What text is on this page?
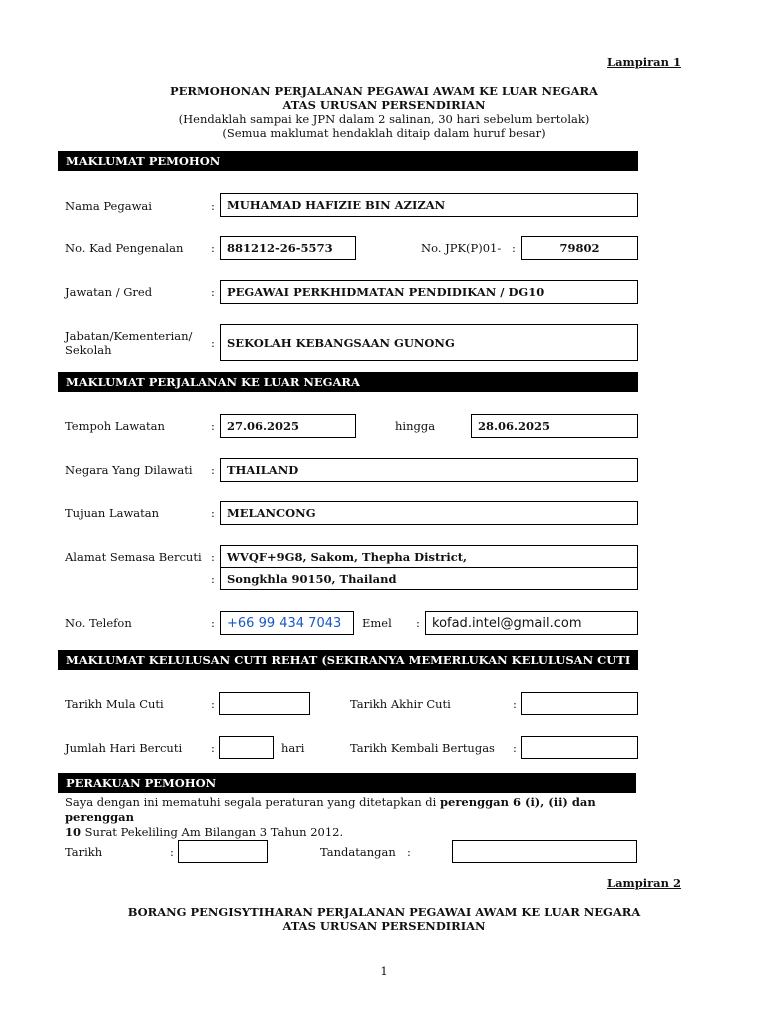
Lampiran 1
PERMOHONAN PERJALANAN PEGAWAI AWAM KE LUAR NEGARA
ATAS URUSAN PERSENDIRIAN
(Hendaklah sampai ke JPN dalam 2 salinan, 30 hari sebelum bertolak)
(Semua maklumat hendaklah ditaip dalam huruf besar)
MAKLUMAT PEMOHON
Nama Pegawai	: MUHAMAD HAFIZIE BIN AZIZAN
No. Kad Pengenalan : 881212-26-5573	No. JPK(P)01- :	79802
Jawatan / Gred	: PEGAWAI PERKHIDMATAN PENDIDIKAN / DG10
Jabatan/Kementerian/
Sekolah	: SEKOLAH KEBANGSAAN GUNONG
MAKLUMAT PERJALANAN KE LUAR NEGARA
Tempoh Lawatan	: 27.06.2025	hingga	28.06.2025
Negara Yang Dilawati : THAILAND
Tujuan Lawatan	: MELANCONG
Alamat Semasa Bercuti : WVQF+9G8, Sakom, Thepha District,
: Songkhla 90150, Thailand
No. Telefon	: +66 99 434 7043 Emel : kofad.intel@gmail.com
MAKLUMAT KELULUSAN CUTI REHAT (SEKIRANYA MEMERLUKAN KELULUSAN CUTI REHAT)
Tarikh Mula Cuti	:	Tarikh Akhir Cuti	:
Jumlah Hari Bercuti	:	hari	Tarikh Kembali Bertugas :
PERAKUAN PEMOHON
Saya dengan ini mematuhi segala peraturan yang ditetapkan di perenggan 6 (i), (ii) dan perenggan
10 Surat Pekeliling Am Bilangan 3 Tahun 2012.
Tarikh	:	Tandatangan :
Lampiran 2
BORANG PENGISYTIHARAN PERJALANAN PEGAWAI AWAM KE LUAR NEGARA
ATAS URUSAN PERSENDIRIAN
1
